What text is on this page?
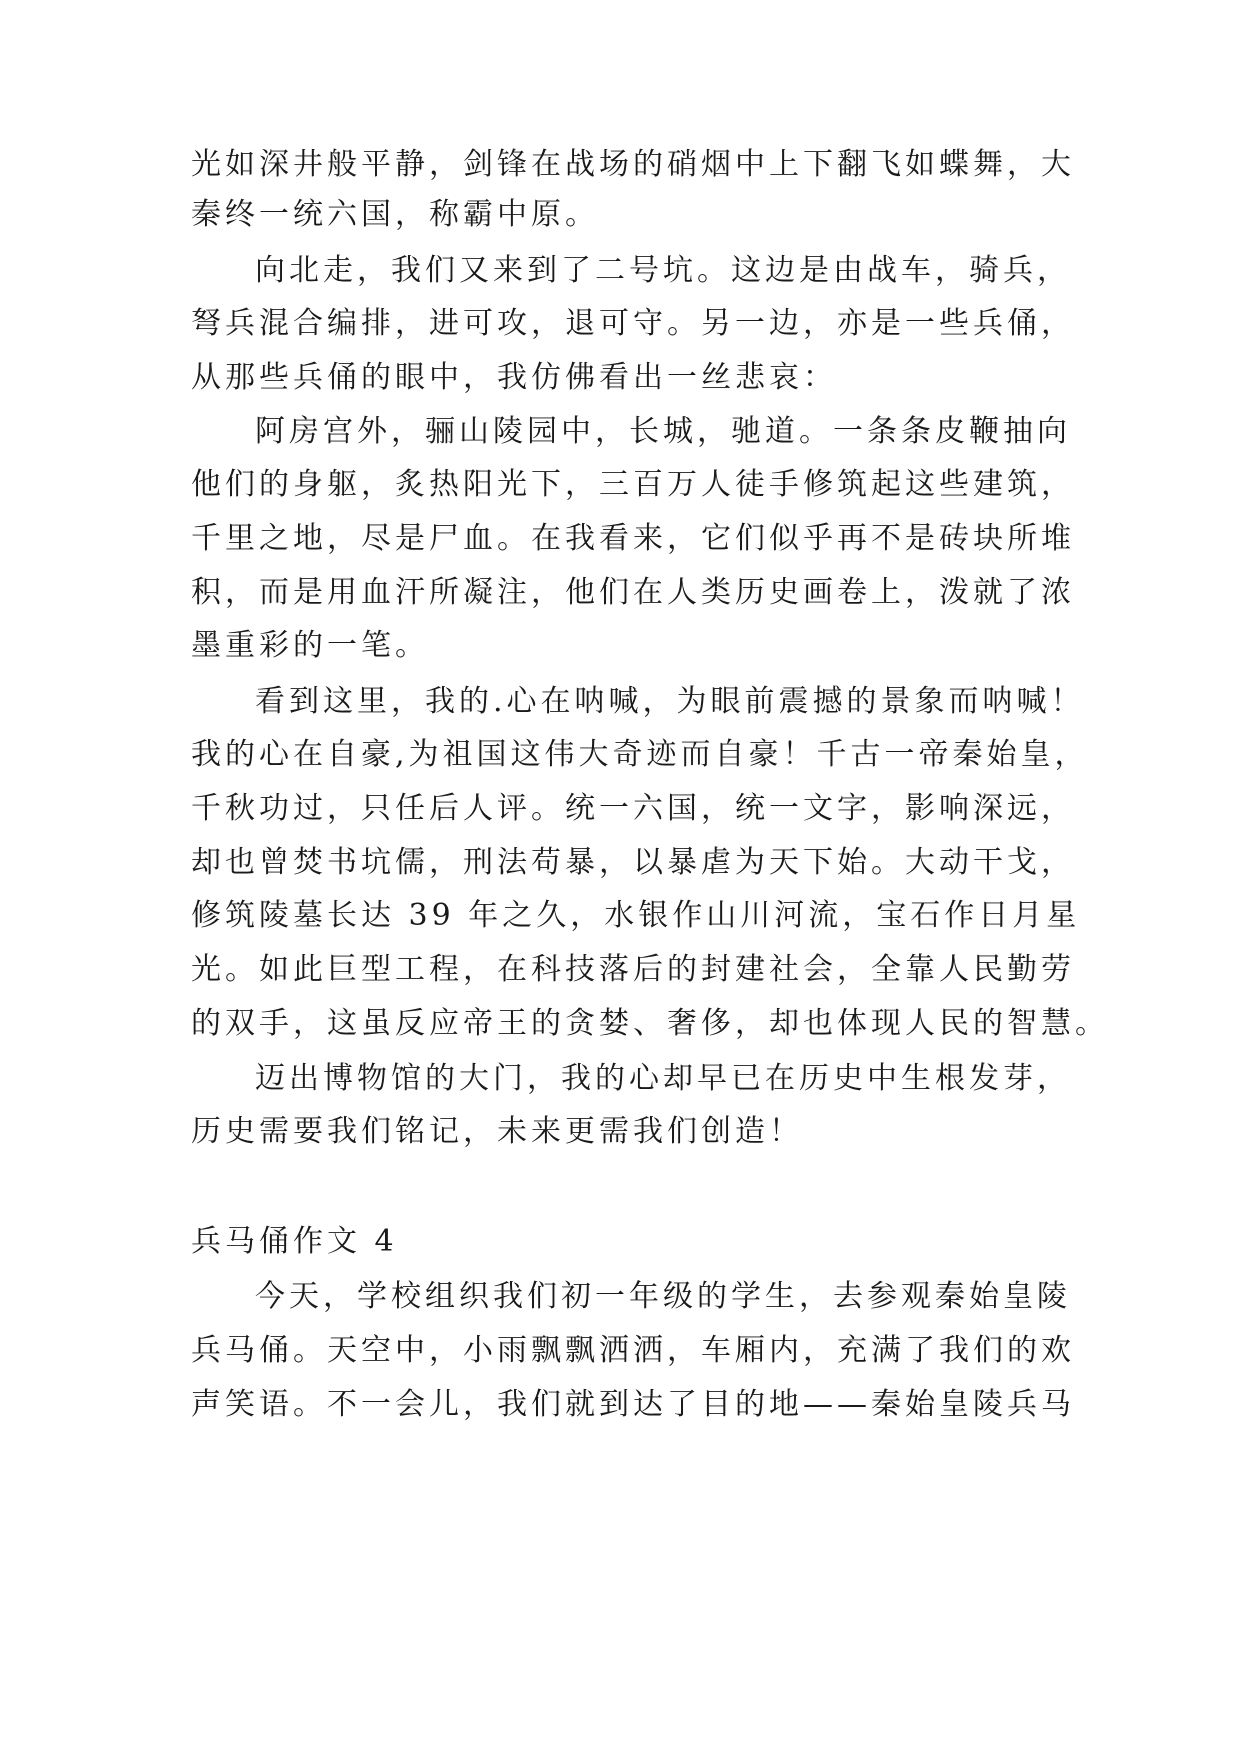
光如深井般平静，剑锋在战场的硝烟中上下翻飞如蝶舞，大
秦终一统六国，称霸中原。
向北走，我们又来到了二号坑。这边是由战车，骑兵，
弩兵混合编排，进可攻，退可守。另一边，亦是一些兵俑，
从那些兵俑的眼中，我仿佛看出一丝悲哀：
阿房宫外，骊山陵园中，长城，驰道。一条条皮鞭抽向
他们的身躯，炙热阳光下，三百万人徒手修筑起这些建筑，
千里之地，尽是尸血。在我看来，它们似乎再不是砖块所堆
积，而是用血汗所凝注，他们在人类历史画卷上，泼就了浓
墨重彩的一笔。
看到这里，我的.心在呐喊，为眼前震撼的景象而呐喊！
我的心在自豪,为祖国这伟大奇迹而自豪！千古一帝秦始皇，
千秋功过，只任后人评。统一六国，统一文字，影响深远，
却也曾焚书坑儒，刑法苟暴，以暴虐为天下始。大动干戈，
修筑陵墓长达 39 年之久，水银作山川河流，宝石作日月星
光。如此巨型工程，在科技落后的封建社会，全靠人民勤劳
的双手，这虽反应帝王的贪婪、奢侈，却也体现人民的智慧。
迈出博物馆的大门，我的心却早已在历史中生根发芽，
历史需要我们铭记，未来更需我们创造！
兵马俑作文 4
今天，学校组织我们初一年级的学生，去参观秦始皇陵
兵马俑。天空中，小雨飘飘洒洒，车厢内，充满了我们的欢
声笑语。不一会儿，我们就到达了目的地——秦始皇陵兵马
